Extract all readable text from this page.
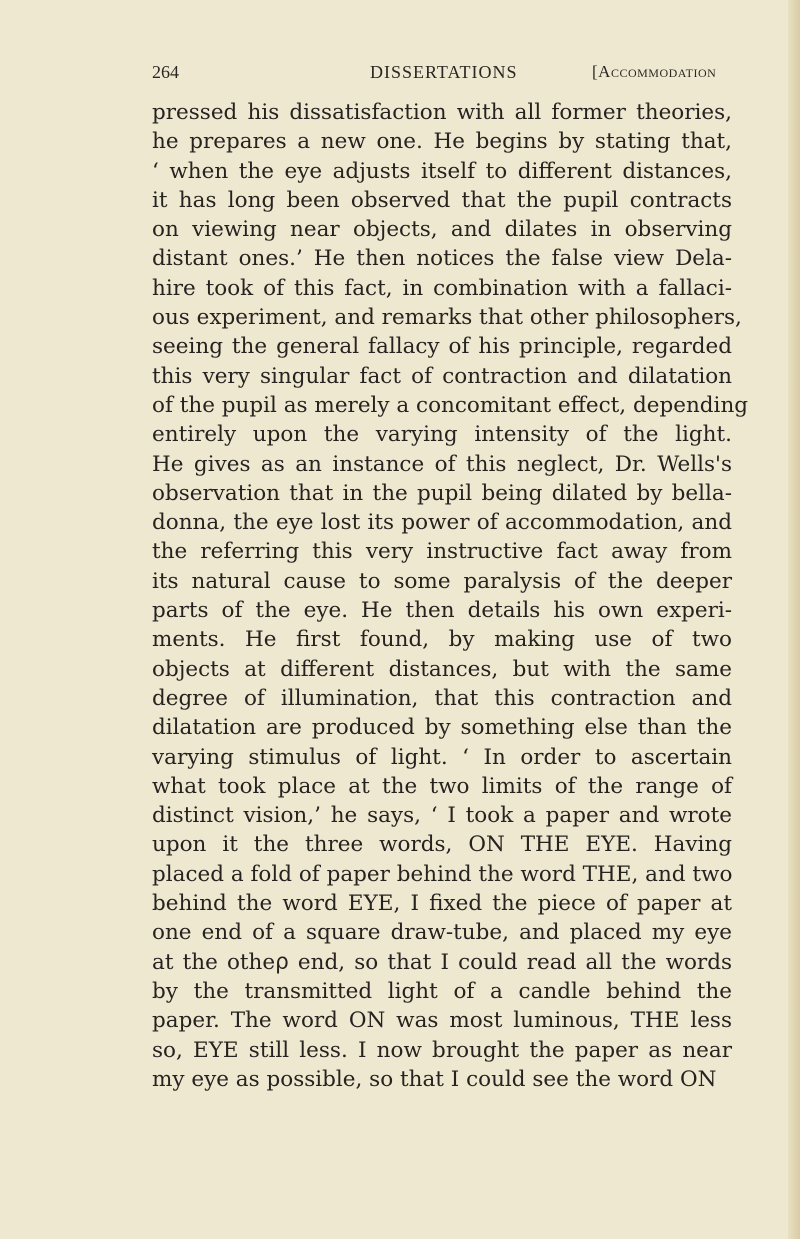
264	DISSERTATIONS	[Accommodation
pressed his dissatisfaction with all former theories,
he prepares a new one. He begins by stating that,
‘ when the eye adjusts itself to different distances,
it has long been observed that the pupil contracts
on viewing near objects, and dilates in observing
distant ones.’ He then notices the false view Dela-
hire took of this fact, in combination with a fallaci-
ous experiment, and remarks that other philosophers,
seeing the general fallacy of his principle, regarded
this very singular fact of contraction and dilatation
of the pupil as merely a concomitant effect, depending
entirely upon the varying intensity of the light.
He gives as an instance of this neglect, Dr. Wells's
observation that in the pupil being dilated by bella-
donna, the eye lost its power of accommodation, and
the referring this very instructive fact away from
its natural cause to some paralysis of the deeper
parts of the eye. He then details his own experi-
ments. He first found, by making use of two
objects at different distances, but with the same
degree of illumination, that this contraction and
dilatation are produced by something else than the
varying stimulus of light. ‘ In order to ascertain
what took place at the two limits of the range of
distinct vision,’ he says, ‘ I took a paper and wrote
upon it the three words, ON THE EYE. Having
placed a fold of paper behind the word THE, and two
behind the word EYE, I fixed the piece of paper at
one end of a square draw-tube, and placed my eye
at the othe⍴ end, so that I could read all the words
by the transmitted light of a candle behind the
paper. The word ON was most luminous, THE less
so, EYE still less. I now brought the paper as near
my eye as possible, so that I could see the word ON
